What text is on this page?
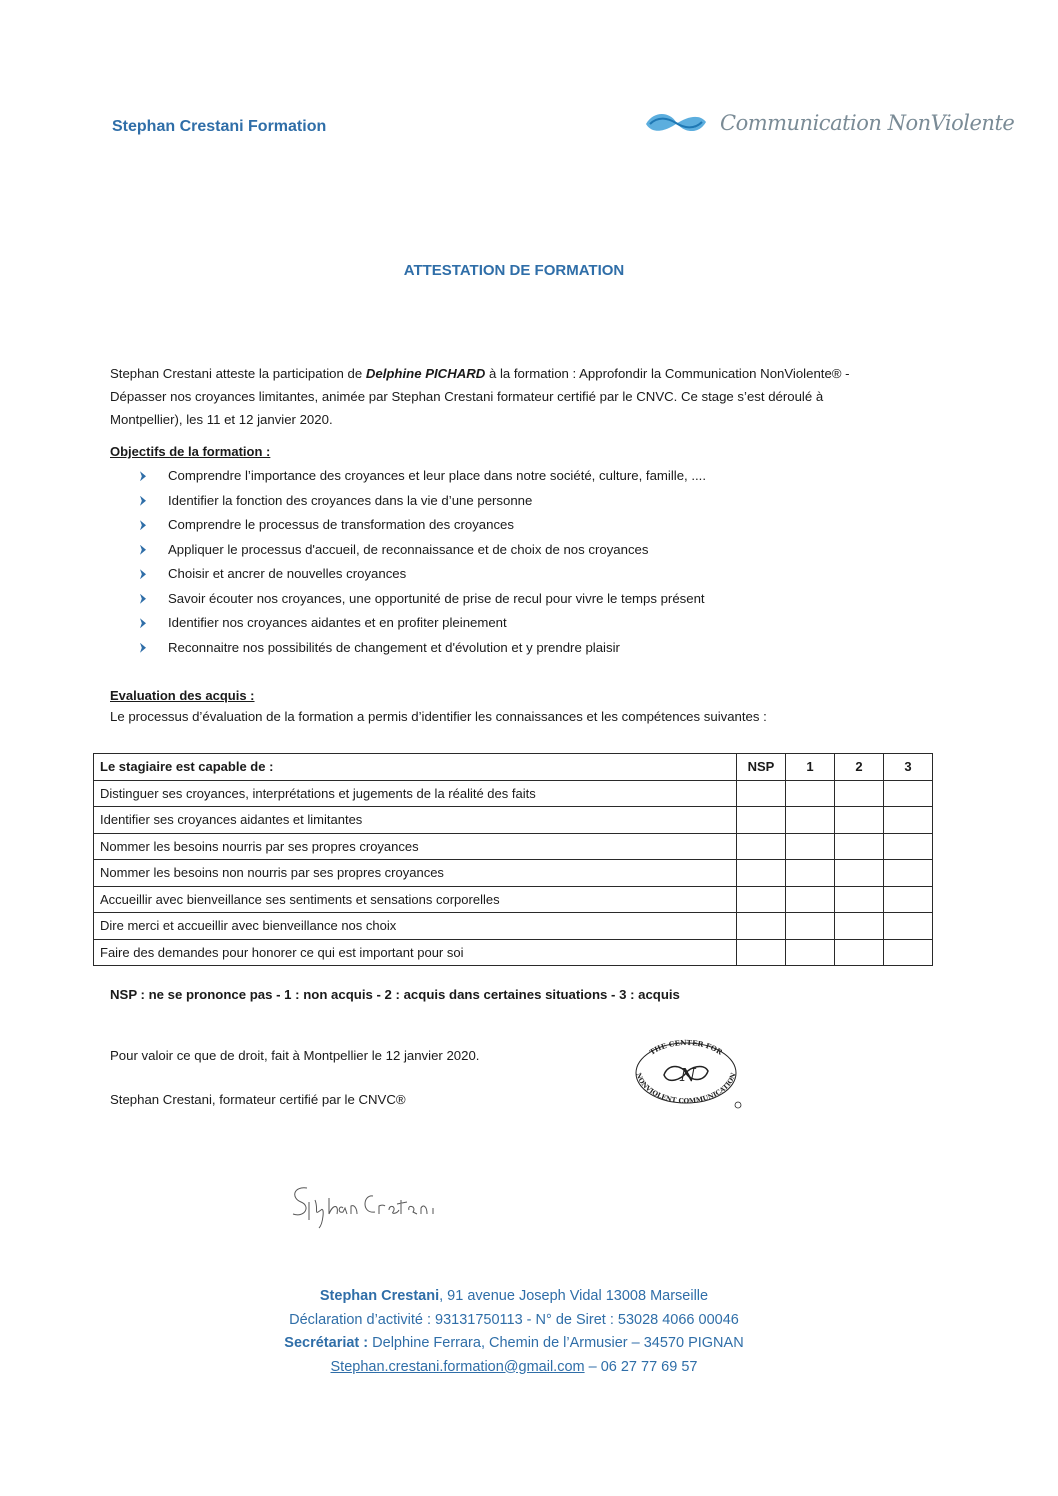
Stephan Crestani Formation	Communication NonViolente
ATTESTATION DE FORMATION
Stephan Crestani atteste la participation de Delphine PICHARD à la formation : Approfondir la Communication NonViolente® - Dépasser nos croyances limitantes, animée par Stephan Crestani formateur certifié par le CNVC. Ce stage s’est déroulé à Montpellier), les 11 et 12 janvier 2020.
Objectifs de la formation :
Comprendre l’importance des croyances et leur place dans notre société, culture, famille, ....
Identifier la fonction des croyances dans la vie d’une personne
Comprendre le processus de transformation des croyances
Appliquer le processus d'accueil, de reconnaissance et de choix de nos croyances
Choisir et ancrer de nouvelles croyances
Savoir écouter nos croyances, une opportunité de prise de recul pour vivre le temps présent
Identifier nos croyances aidantes et en profiter pleinement
Reconnaitre nos possibilités de changement et d'évolution et y prendre plaisir
Evaluation des acquis :
Le processus d’évaluation de la formation a permis d’identifier les connaissances et les compétences suivantes :
Le stagiaire est capable de :	NSP	1	2	3
Distinguer ses croyances, interprétations et jugements de la réalité des faits				
Identifier ses croyances aidantes et limitantes				
Nommer les besoins nourris par ses propres croyances				
Nommer les besoins non nourris par ses propres croyances				
Accueillir avec bienveillance ses sentiments et sensations corporelles				
Dire merci et accueillir avec bienveillance nos choix				
Faire des demandes pour honorer ce qui est important pour soi				
NSP : ne se prononce pas - 1 : non acquis - 2 : acquis dans certaines situations - 3 : acquis
Pour valoir ce que de droit, fait à Montpellier le 12 janvier 2020.
Stephan Crestani, formateur certifié par le CNVC®
THE CENTER FOR
NONVIOLENT COMMUNICATION
N
Stephan Crestani, 91 avenue Joseph Vidal 13008 Marseille
Déclaration d’activité : 93131750113 - N° de Siret : 53028 4066 00046
Secrétariat : Delphine Ferrara, Chemin de l’Armusier – 34570 PIGNAN
Stephan.crestani.formation@gmail.com – 06 27 77 69 57
